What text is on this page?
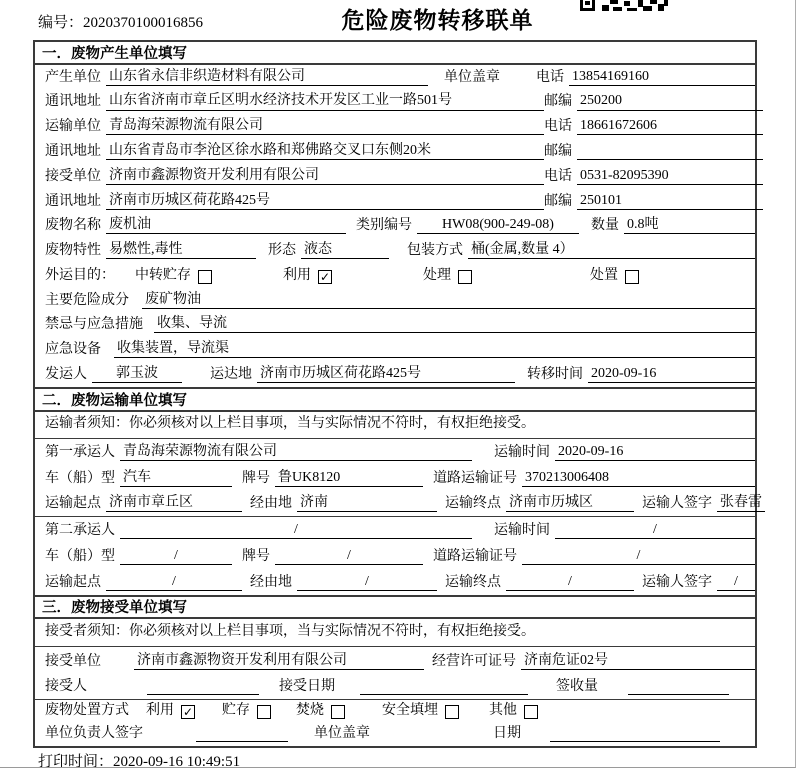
编号：2020370100016856	危险废物转移联单
一．废物产生单位填写
产生单位 山东省永信非织造材料有限公司	单位盖章	电话 13854169160
通讯地址 山东省济南市章丘区明水经济技术开发区工业一路501号	邮编 250200
运输单位 青岛海荣源物流有限公司	电话 18661672606
通讯地址 山东省青岛市李沧区徐水路和郑佛路交叉口东侧20米	邮编
接受单位 济南市鑫源物资开发利用有限公司	电话 0531-82095390
通讯地址 济南市历城区荷花路425号	邮编 250101
废物名称 废机油	类别编号	HW08(900-249-08)	数量 0.8吨
废物特性 易燃性,毒性	形态 液态	包装方式 桶(金属,数量 4）
外运目的： 中转贮存	利用 ✓	处理	处置
主要危险成分 废矿物油
禁忌与应急措施 收集、导流
应急设备 收集装置，导流渠
发运人	郭玉波	运达地 济南市历城区荷花路425号	转移时间 2020-09-16
二．废物运输单位填写
运输者须知：你必须核对以上栏目事项，当与实际情况不符时，有权拒绝接受。
第一承运人 青岛海荣源物流有限公司	运输时间 2020-09-16
车（船）型 汽车	牌号 鲁UK8120	道路运输证号 370213006408
运输起点 济南市章丘区	经由地 济南	运输终点 济南市历城区	运输人签字 张春雷
第二承运人	/	运输时间	/
车（船）型	/	牌号	/	道路运输证号	/
运输起点	/	经由地	/	运输终点	/	运输人签字	/
三．废物接受单位填写
接受者须知：你必须核对以上栏目事项，当与实际情况不符时，有权拒绝接受。
接受单位	济南市鑫源物资开发利用有限公司	经营许可证号 济南危证02号
接受人	接受日期	签收量
废物处置方式 利用 ✓ 贮存	焚烧	安全填埋	其他
单位负责人签字	单位盖章	日期
打印时间：2020-09-16 10:49:51
